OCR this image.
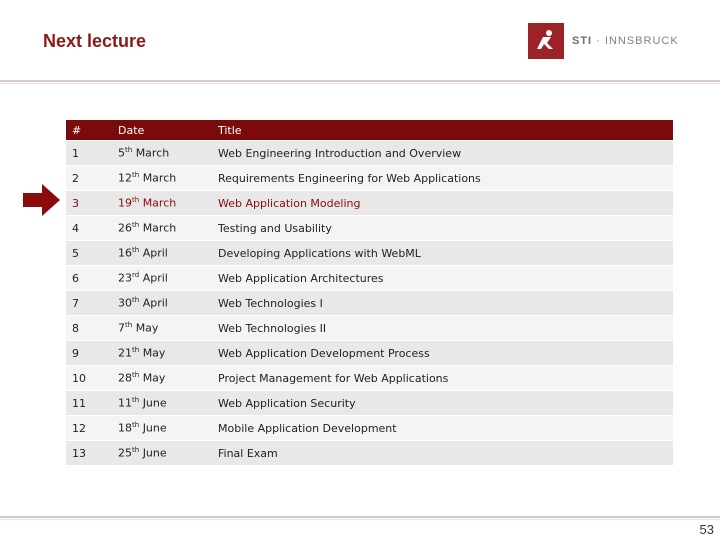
Next lecture	STI · INNSBRUCK
#	Date	Title
1	5th March	Web Engineering Introduction and Overview
2	12th March	Requirements Engineering for Web Applications
3	19th March	Web Application Modeling
4	26th March	Testing and Usability
5	16th April	Developing Applications with WebML
6	23rd April	Web Application Architectures
7	30th April	Web Technologies I
8	7th May	Web Technologies II
9	21th May	Web Application Development Process
10	28th May	Project Management for Web Applications
11	11th June	Web Application Security
12	18th June	Mobile Application Development
13	25th June	Final Exam
53
